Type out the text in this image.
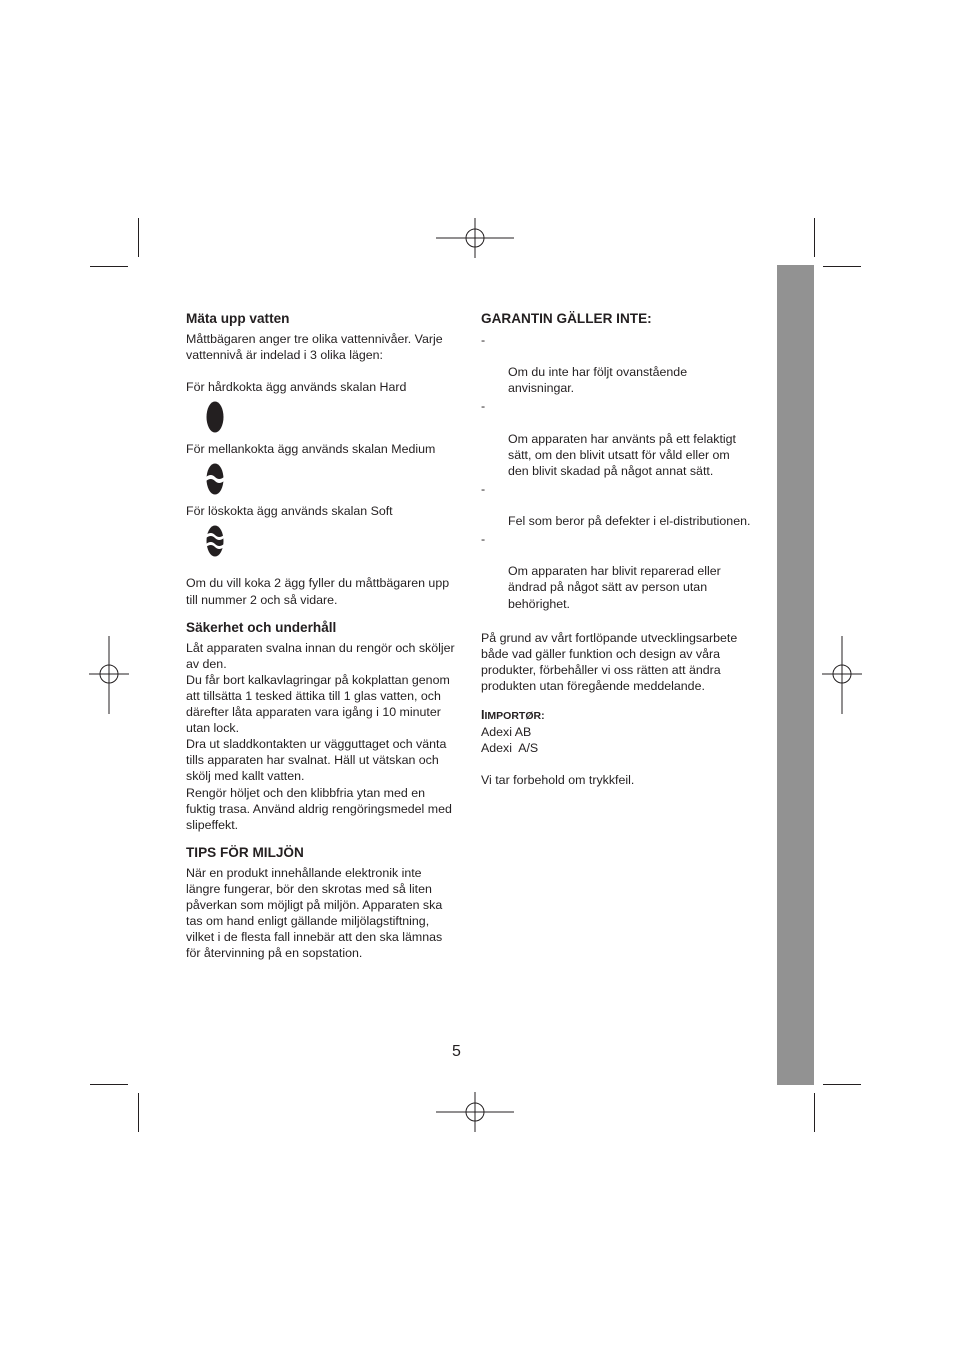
Mäta upp vatten

Måttbägaren anger tre olika vattennivåer. Varje
vattennivå är indelad i 3 olika lägen:

För hårdkokta ägg används skalan Hard

För mellankokta ägg används skalan Medium

För löskokta ägg används skalan Soft

Om du vill koka 2 ägg fyller du måttbägaren upp
till nummer 2 och så vidare.

Säkerhet och underhåll

Låt apparaten svalna innan du rengör och sköljer
av den.
Du får bort kalkavlagringar på kokplattan genom
att tillsätta 1 tesked ättika till 1 glas vatten, och
därefter låta apparaten vara igång i 10 minuter
utan lock.
Dra ut sladdkontakten ur vägguttaget och vänta
tills apparaten har svalnat. Häll ut vätskan och
skölj med kallt vatten.
Rengör höljet och den klibbfria ytan med en
fuktig trasa. Använd aldrig rengöringsmedel med
slipeffekt.

TIPS FÖR MILJÖN

När en produkt innehållande elektronik inte
längre fungerar, bör den skrotas med så liten
påverkan som möjligt på miljön. Apparaten ska
tas om hand enligt gällande miljölagstiftning,
vilket i de flesta fall innebär att den ska lämnas
för återvinning på en sopstation.

GARANTIN GÄLLER INTE:

-

Om du inte har följt ovanstående
anvisningar.

-

Om apparaten har använts på ett felaktigt
sätt, om den blivit utsatt för våld eller om
den blivit skadad på något annat sätt.

-

Fel som beror på defekter i el-distributionen.

-

Om apparaten har blivit reparerad eller
ändrad på något sätt av person utan
behörighet.

På grund av vårt fortlöpande utvecklingsarbete
både vad gäller funktion och design av våra
produkter, förbehåller vi oss rätten att ändra
produkten utan föregående meddelande.

IIMPORTØR:

Adexi AB

Adexi  A/S

Vi tar forbehold om trykkfeil.

5
